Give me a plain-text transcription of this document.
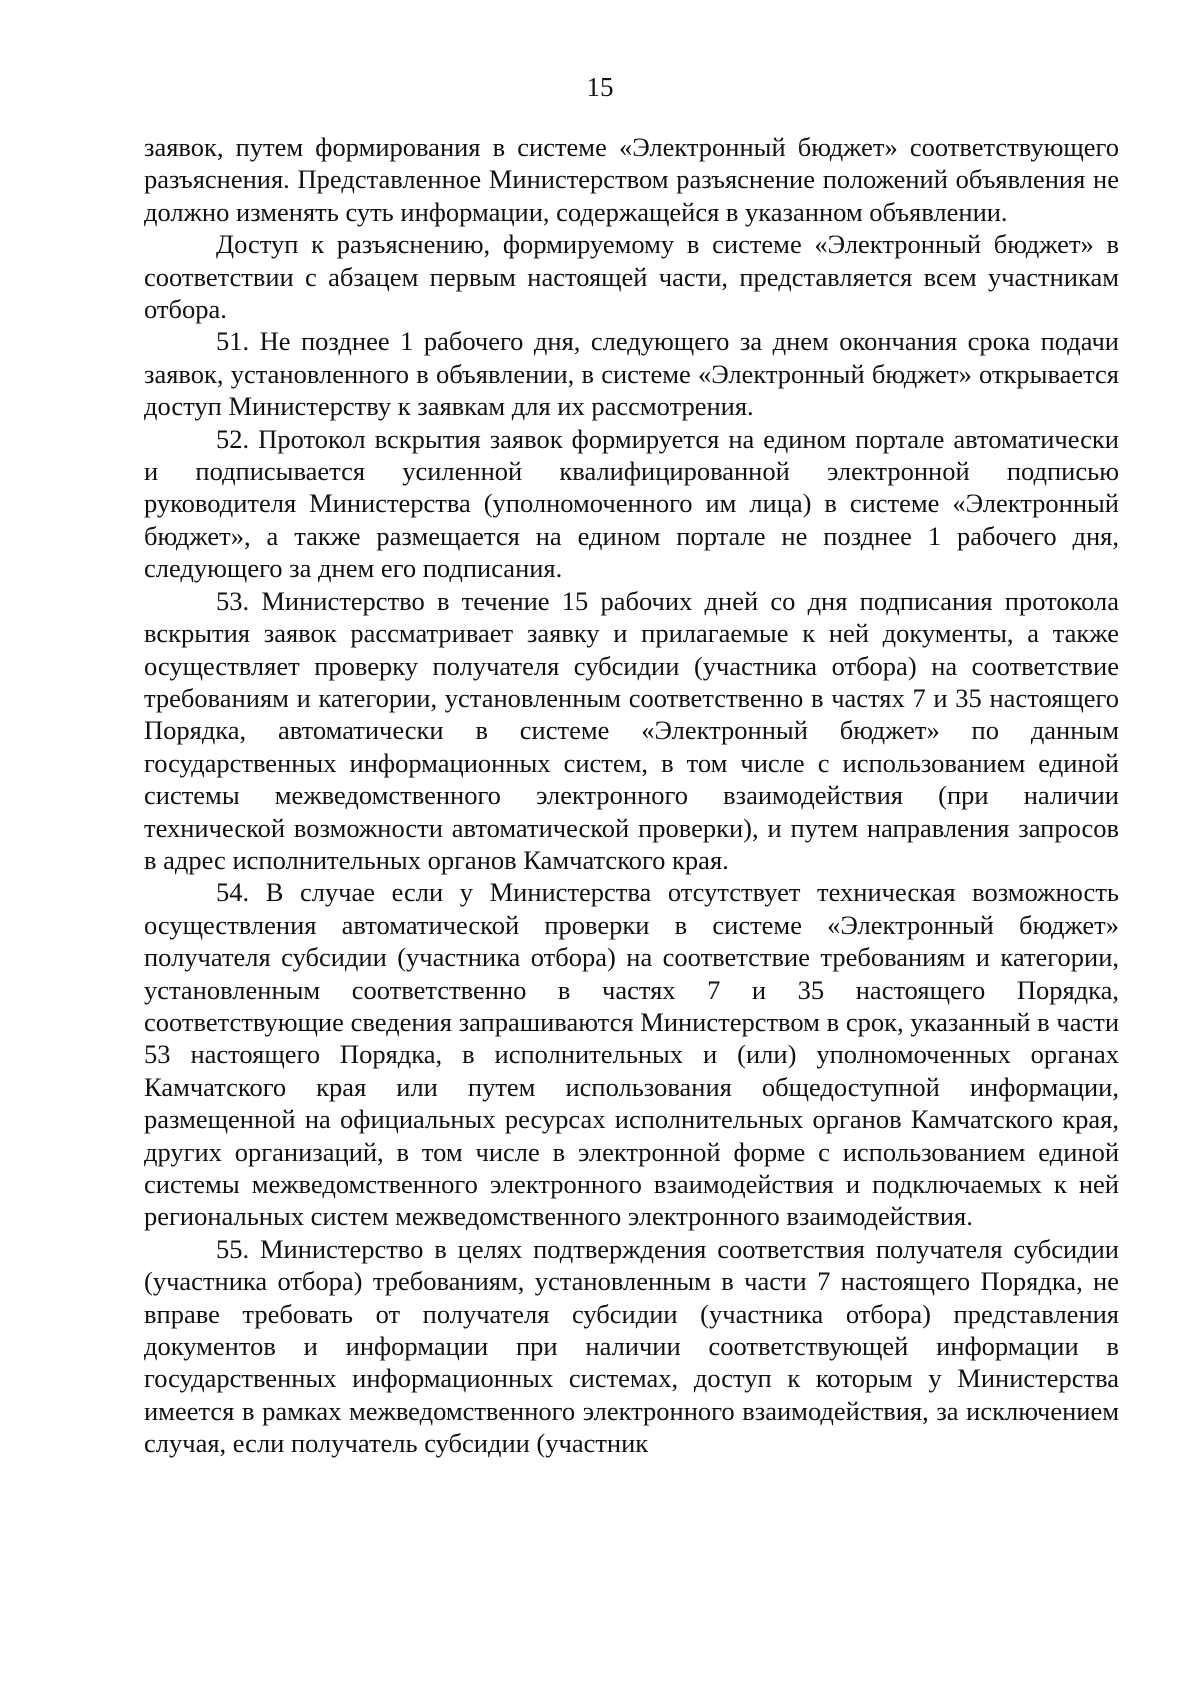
15

заявок, путем формирования в системе «Электронный бюджет» соответствующего разъяснения. Представленное Министерством разъяснение положений объявления не должно изменять суть информации, содержащейся в указанном объявлении.

Доступ к разъяснению, формируемому в системе «Электронный бюджет» в соответствии с абзацем первым настоящей части, представляется всем участникам отбора.

51. Не позднее 1 рабочего дня, следующего за днем окончания срока подачи заявок, установленного в объявлении, в системе «Электронный бюджет» открывается доступ Министерству к заявкам для их рассмотрения.

52. Протокол вскрытия заявок формируется на едином портале автоматически и подписывается усиленной квалифицированной электронной подписью руководителя Министерства (уполномоченного им лица) в системе «Электронный бюджет», а также размещается на едином портале не позднее 1 рабочего дня, следующего за днем его подписания.

53. Министерство в течение 15 рабочих дней со дня подписания протокола вскрытия заявок рассматривает заявку и прилагаемые к ней документы, а также осуществляет проверку получателя субсидии (участника отбора) на соответствие требованиям и категории, установленным соответственно в частях 7 и 35 настоящего Порядка, автоматически в системе «Электронный бюджет» по данным государственных информационных систем, в том числе с использованием единой системы межведомственного электронного взаимодействия (при наличии технической возможности автоматической проверки), и путем направления запросов в адрес исполнительных органов Камчатского края.

54. В случае если у Министерства отсутствует техническая возможность осуществления автоматической проверки в системе «Электронный бюджет» получателя субсидии (участника отбора) на соответствие требованиям и категории, установленным соответственно в частях 7 и 35 настоящего Порядка, соответствующие сведения запрашиваются Министерством в срок, указанный в части 53 настоящего Порядка, в исполнительных и (или) уполномоченных органах Камчатского края или путем использования общедоступной информации, размещенной на официальных ресурсах исполнительных органов Камчатского края, других организаций, в том числе в электронной форме с использованием единой системы межведомственного электронного взаимодействия и подключаемых к ней региональных систем межведомственного электронного взаимодействия.

55. Министерство в целях подтверждения соответствия получателя субсидии (участника отбора) требованиям, установленным в части 7 настоящего Порядка, не вправе требовать от получателя субсидии (участника отбора) представления документов и информации при наличии соответствующей информации в государственных информационных системах, доступ к которым у Министерства имеется в рамках межведомственного электронного взаимодействия, за исключением случая, если получатель субсидии (участник
